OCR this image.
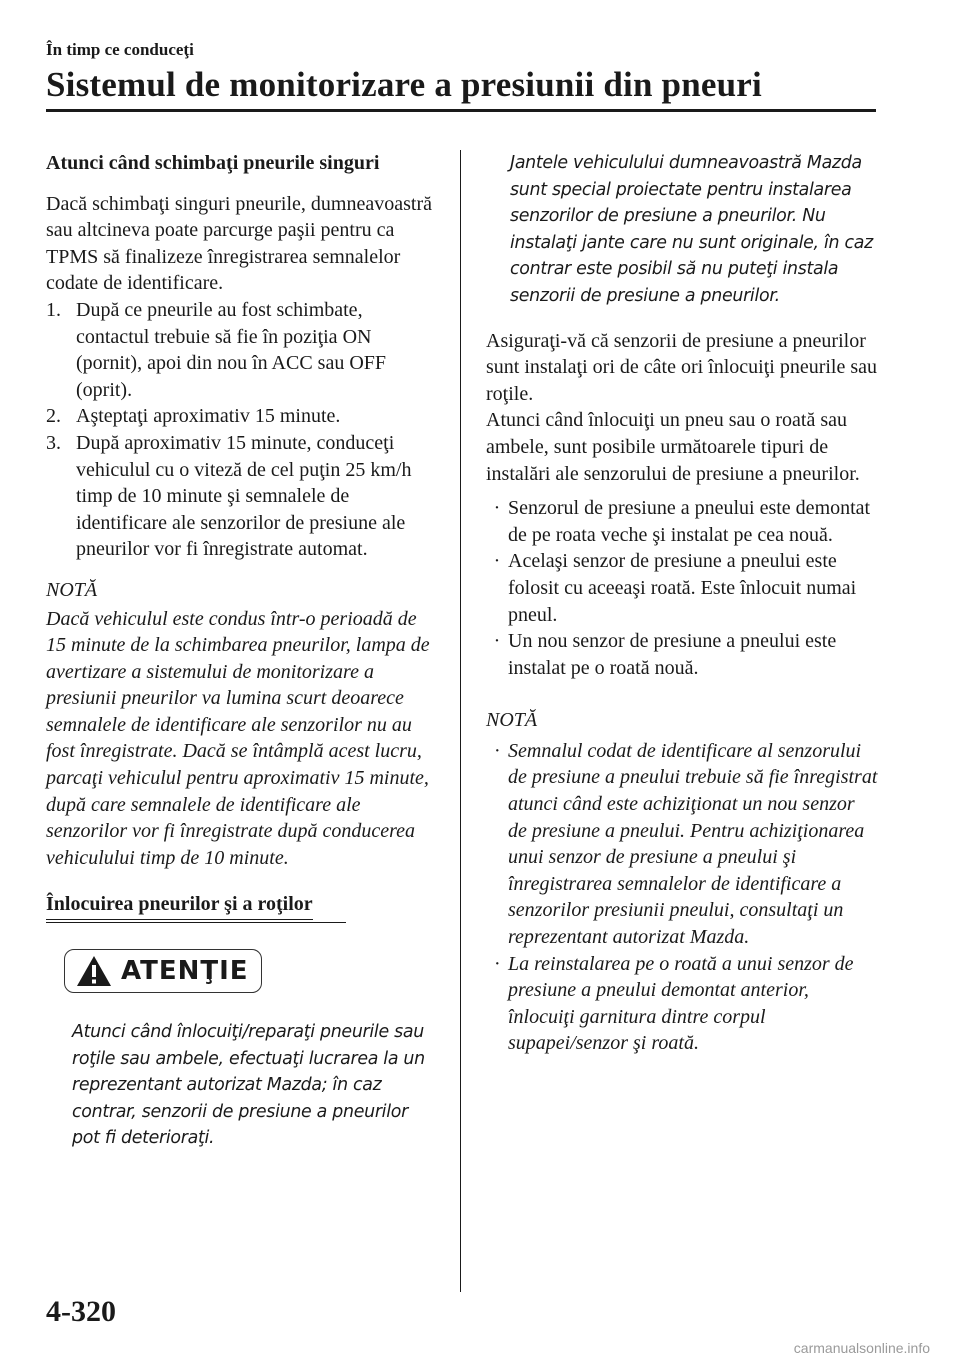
În timp ce conduceţi

Sistemul de monitorizare a presiunii din pneuri

Atunci când schimbaţi pneurile singuri

Dacă schimbaţi singuri pneurile, dumneavoastră sau altcineva poate parcurge paşii pentru ca TPMS să finalizeze înregistrarea semnalelor codate de identificare.

1. După ce pneurile au fost schimbate, contactul trebuie să fie în poziţia ON (pornit), apoi din nou în ACC sau OFF (oprit).
2. Aşteptaţi aproximativ 15 minute.
3. După aproximativ 15 minute, conduceţi vehiculul cu o viteză de cel puţin 25 km/h timp de 10 minute şi semnalele de identificare ale senzorilor de presiune ale pneurilor vor fi înregistrate automat.

NOTĂ

Dacă vehiculul este condus într-o perioadă de 15 minute de la schimbarea pneurilor, lampa de avertizare a sistemului de monitorizare a presiunii pneurilor va lumina scurt deoarece semnalele de identificare ale senzorilor nu au fost înregistrate. Dacă se întâmplă acest lucru, parcaţi vehiculul pentru aproximativ 15 minute, după care semnalele de identificare ale senzorilor vor fi înregistrate după conducerea vehiculului timp de 10 minute.

Înlocuirea pneurilor şi a roţilor
ATENŢIE
Atunci când înlocuiţi/reparaţi pneurile sau roţile sau ambele, efectuaţi lucrarea la un reprezentant autorizat Mazda; în caz contrar, senzorii de presiune a pneurilor pot ﬁ deterioraţi.
Jantele vehiculului dumneavoastră Mazda sunt special proiectate pentru instalarea senzorilor de presiune a pneurilor. Nu instalaţi jante care nu sunt originale, în caz contrar este posibil să nu puteţi instala senzorii de presiune a pneurilor.

Asiguraţi-vă că senzorii de presiune a pneurilor sunt instalaţi ori de câte ori înlocuiţi pneurile sau roţile.

Atunci când înlocuiţi un pneu sau o roată sau ambele, sunt posibile următoarele tipuri de instalări ale senzorului de presiune a pneurilor.

· Senzorul de presiune a pneului este demontat de pe roata veche şi instalat pe cea nouă.
· Acelaşi senzor de presiune a pneului este folosit cu aceeaşi roată. Este înlocuit numai pneul.
· Un nou senzor de presiune a pneului este instalat pe o roată nouă.

NOTĂ

· Semnalul codat de identificare al senzorului de presiune a pneului trebuie să fie înregistrat atunci când este achiziţionat un nou senzor de presiune a pneului. Pentru achiziţionarea unui senzor de presiune a pneului şi înregistrarea semnalelor de identificare a senzorilor presiunii pneului, consultaţi un reprezentant autorizat Mazda.
· La reinstalarea pe o roată a unui senzor de presiune a pneului demontat anterior, înlocuiţi garnitura dintre corpul supapei/senzor şi roată.
4-320
carmanualsonline.info
